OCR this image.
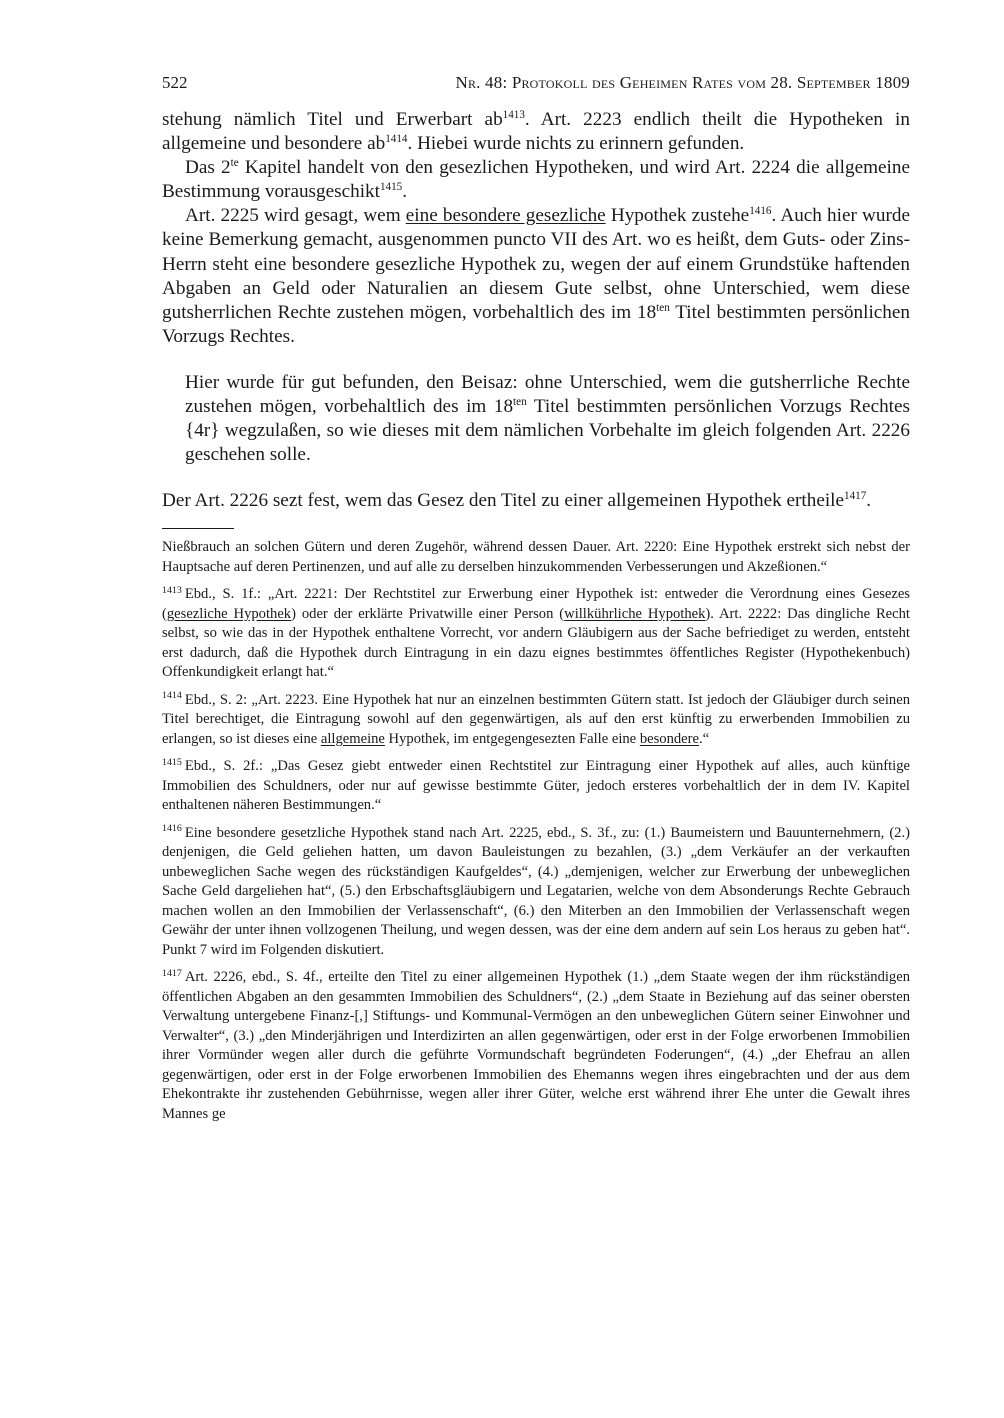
522	Nr. 48: Protokoll des Geheimen Rates vom 28. September 1809

stehung nämlich Titel und Erwerbart $ab^{1413}$. Art. 2223 endlich theilt die Hypotheken in allgemeine und besondere $ab^{1414}$. Hiebei wurde nichts zu erinnern gefunden.

Das $2^{te}$ Kapitel handelt von den gesezlichen Hypotheken, und wird Art. 2224 die allgemeine Bestimmung vorausgeschikt$^{1415}$.

Art. 2225 wird gesagt, wem eine besondere gesezliche Hypothek zustehe$^{1416}$. Auch hier wurde keine Bemerkung gemacht, ausgenommen puncto VII des Art. wo es heißt, dem Guts- oder Zins-Herrn steht eine besondere gesezliche Hypothek zu, wegen der auf einem Grundstüke haftenden Abgaben an Geld oder Naturalien an diesem Gute selbst, ohne Unterschied, wem diese gutsherrlichen Rechte zustehen mögen, vorbehaltlich des im $18^{ten}$ Titel bestimmten persönlichen Vorzugs Rechtes.

Hier wurde für gut befunden, den Beisaz: ohne Unterschied, wem die gutsherrliche Rechte zustehen mögen, vorbehaltlich des im $18^{ten}$ Titel bestimmten persönlichen Vorzugs Rechtes {4r} wegzulaßen, so wie dieses mit dem nämlichen Vorbehalte im gleich folgenden Art. 2226 geschehen solle.

Der Art. 2226 sezt fest, wem das Gesez den Titel zu einer allgemeinen Hypothek ertheile$^{1417}$.

Nießbrauch an solchen Gütern und deren Zugehör, während dessen Dauer. Art. 2220: Eine Hypothek erstrekt sich nebst der Hauptsache auf deren Pertinenzen, und auf alle zu derselben hinzukommenden Verbesserungen und Akzeßionen.“

$^{1413}$ Ebd., S. 1f.: „Art. 2221: Der Rechtstitel zur Erwerbung einer Hypothek ist: entweder die Verordnung eines Gesezes (gesezliche Hypothek) oder der erklärte Privatwille einer Person (willkührliche Hypothek). Art. 2222: Das dingliche Recht selbst, so wie das in der Hypothek enthaltene Vorrecht, vor andern Gläubigern aus der Sache befriediget zu werden, entsteht erst dadurch, daß die Hypothek durch Eintragung in ein dazu eignes bestimmtes öffentliches Register (Hypothekenbuch) Offenkundigkeit erlangt hat.“

$^{1414}$ Ebd., S. 2: „Art. 2223. Eine Hypothek hat nur an einzelnen bestimmten Gütern statt. Ist jedoch der Gläubiger durch seinen Titel berechtiget, die Eintragung sowohl auf den gegenwärtigen, als auf den erst künftig zu erwerbenden Immobilien zu erlangen, so ist dieses eine allgemeine Hypothek, im entgegengesezten Falle eine besondere.“

$^{1415}$ Ebd., S. 2f.: „Das Gesez giebt entweder einen Rechtstitel zur Eintragung einer Hypothek auf alles, auch künftige Immobilien des Schuldners, oder nur auf gewisse bestimmte Güter, jedoch ersteres vorbehaltlich der in dem IV. Kapitel enthaltenen näheren Bestimmungen.“

$^{1416}$ Eine besondere gesetzliche Hypothek stand nach Art. 2225, ebd., S. 3f., zu: (1.) Baumeistern und Bauunternehmern, (2.) denjenigen, die Geld geliehen hatten, um davon Bauleistungen zu bezahlen, (3.) „dem Verkäufer an der verkauften unbeweglichen Sache wegen des rückständigen Kaufgeldes“, (4.) „demjenigen, welcher zur Erwerbung der unbeweglichen Sache Geld dargeliehen hat“, (5.) den Erbschaftsgläubigern und Legatarien, welche von dem Absonderungs Rechte Gebrauch machen wollen an den Immobilien der Verlassenschaft“, (6.) den Miterben an den Immobilien der Verlassenschaft wegen Gewähr der unter ihnen vollzogenen Theilung, und wegen dessen, was der eine dem andern auf sein Los heraus zu geben hat“. Punkt 7 wird im Folgenden diskutiert.

$^{1417}$ Art. 2226, ebd., S. 4f., erteilte den Titel zu einer allgemeinen Hypothek (1.) „dem Staate wegen der ihm rückständigen öffentlichen Abgaben an den gesammten Immobilien des Schuldners“, (2.) „dem Staate in Beziehung auf das seiner obersten Verwaltung untergebene Finanz-[,] Stiftungs- und Kommunal-Vermögen an den unbeweglichen Gütern seiner Einwohner und Verwalter“, (3.) „den Minderjährigen und Interdizirten an allen gegenwärtigen, oder erst in der Folge erworbenen Immobilien ihrer Vormünder wegen aller durch die geführte Vormundschaft begründeten Foderungen“, (4.) „der Ehefrau an allen gegenwärtigen, oder erst in der Folge erworbenen Immobilien des Ehemanns wegen ihres eingebrachten und der aus dem Ehekontrakte ihr zustehenden Gebührnisse, wegen aller ihrer Güter, welche erst während ihrer Ehe unter die Gewalt ihres Mannes ge
